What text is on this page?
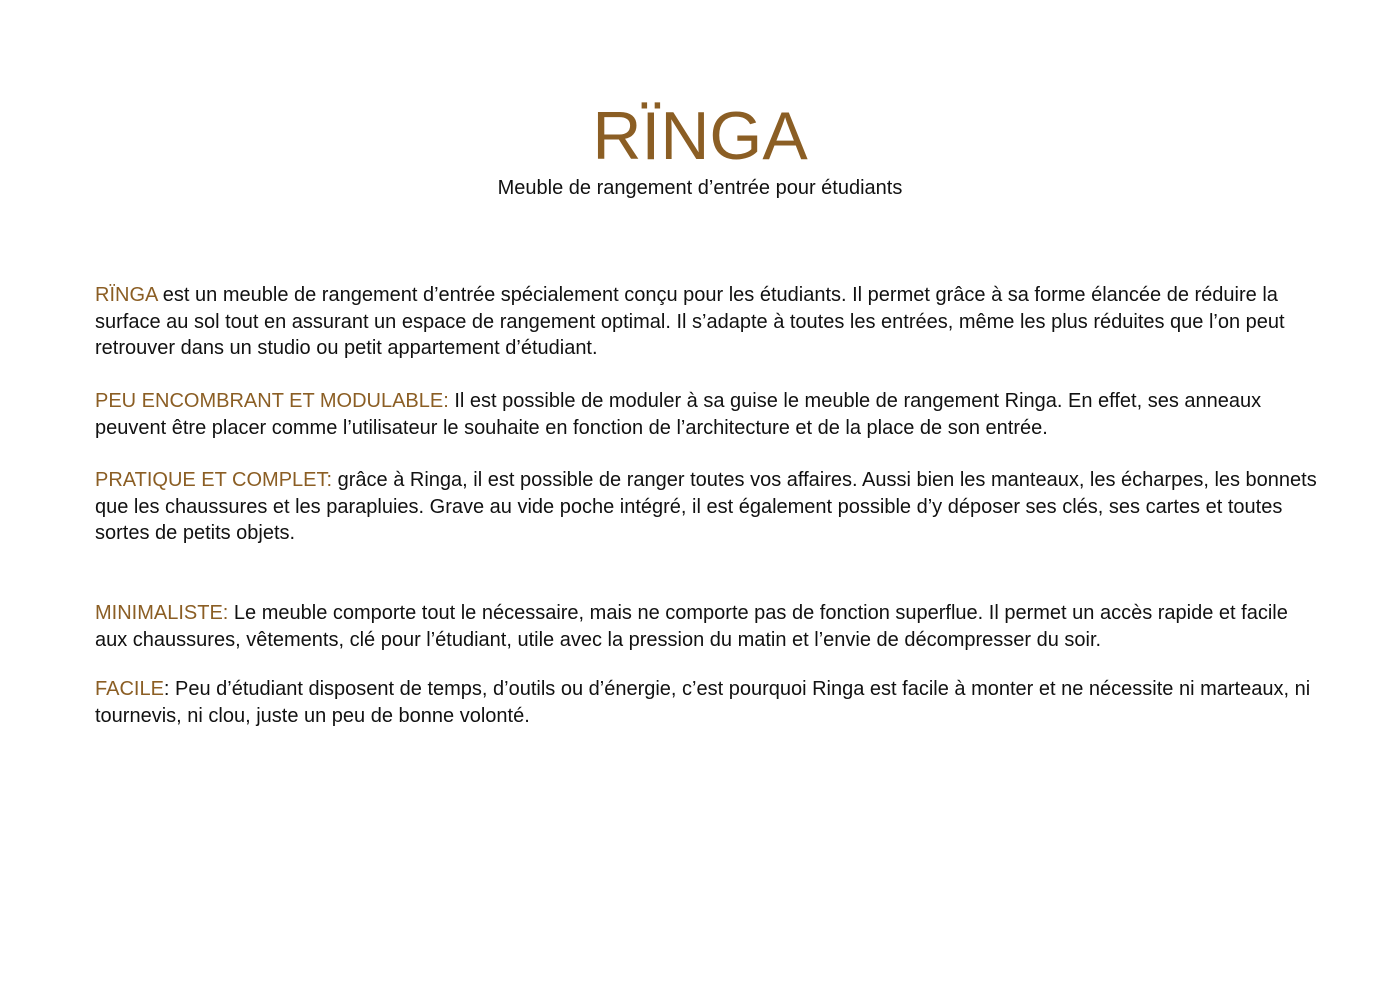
RÏNGA
Meuble de rangement d’entrée pour étudiants

RÏNGA est un meuble de rangement d’entrée spécialement conçu pour les étudiants. Il permet grâce à sa forme élancée de réduire la surface au sol tout en assurant un espace de rangement optimal. Il s’adapte à toutes les entrées, même les plus réduites que l’on peut retrouver dans un studio ou petit appartement d’étudiant.

PEU ENCOMBRANT ET MODULABLE: Il est possible de moduler à sa guise le meuble de rangement Ringa. En effet, ses anneaux peuvent être placer comme l’utilisateur le souhaite en fonction de l’architecture et de la place de son entrée.

PRATIQUE ET COMPLET: grâce à Ringa, il est possible de ranger toutes vos affaires. Aussi bien les manteaux, les écharpes, les bonnets que les chaussures et les parapluies. Grave au vide poche intégré, il est également possible d’y déposer ses clés, ses cartes et toutes sortes de petits objets.

MINIMALISTE: Le meuble comporte tout le nécessaire, mais ne comporte pas de fonction superflue. Il permet un accès rapide et facile aux chaussures, vêtements, clé pour l’étudiant, utile avec la pression du matin et l’envie de décompresser du soir.

FACILE: Peu d’étudiant disposent de temps, d’outils ou d’énergie, c’est pourquoi Ringa est facile à monter et ne nécessite ni marteaux, ni tournevis, ni clou, juste un peu de bonne volonté.
